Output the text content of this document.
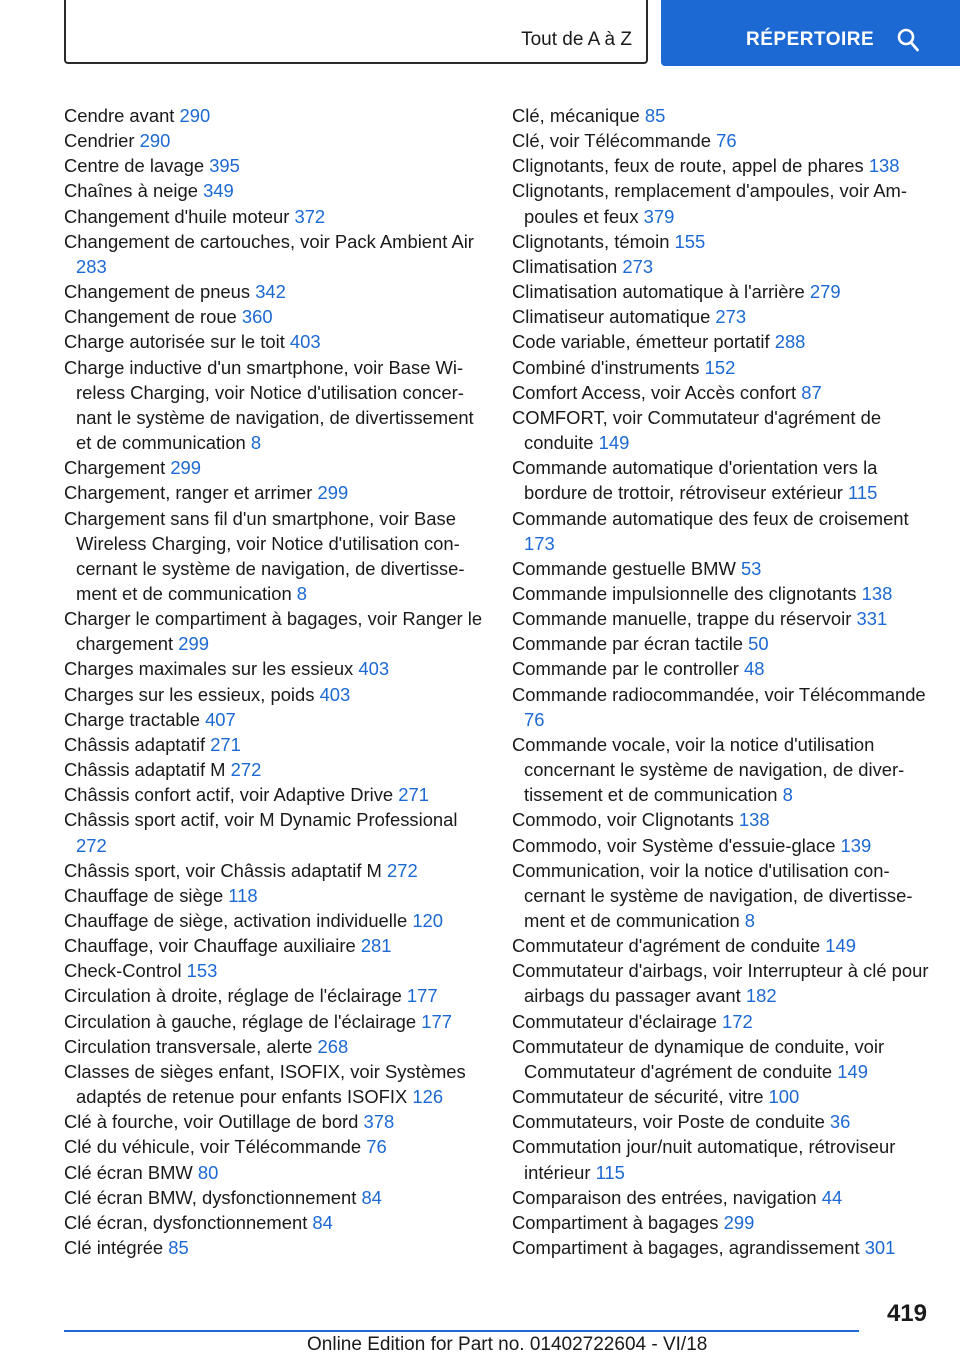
Tout de A à Z	RÉPERTOIRE
Cendre avant 290
Cendrier 290
Centre de lavage 395
Chaînes à neige 349
Changement d'huile moteur 372
Changement de cartouches, voir Pack Ambient Air 283
Changement de pneus 342
Changement de roue 360
Charge autorisée sur le toit 403
Charge inductive d'un smartphone, voir Base Wireless Charging, voir Notice d'utilisation concernant le système de navigation, de divertissement et de communication 8
Chargement 299
Chargement, ranger et arrimer 299
Chargement sans fil d'un smartphone, voir Base Wireless Charging, voir Notice d'utilisation concernant le système de navigation, de divertissement et de communication 8
Charger le compartiment à bagages, voir Ranger le chargement 299
Charges maximales sur les essieux 403
Charges sur les essieux, poids 403
Charge tractable 407
Châssis adaptatif 271
Châssis adaptatif M 272
Châssis confort actif, voir Adaptive Drive 271
Châssis sport actif, voir M Dynamic Professional 272
Châssis sport, voir Châssis adaptatif M 272
Chauffage de siège 118
Chauffage de siège, activation individuelle 120
Chauffage, voir Chauffage auxiliaire 281
Check-Control 153
Circulation à droite, réglage de l'éclairage 177
Circulation à gauche, réglage de l'éclairage 177
Circulation transversale, alerte 268
Classes de sièges enfant, ISOFIX, voir Systèmes adaptés de retenue pour enfants ISOFIX 126
Clé à fourche, voir Outillage de bord 378
Clé du véhicule, voir Télécommande 76
Clé écran BMW 80
Clé écran BMW, dysfonctionnement 84
Clé écran, dysfonctionnement 84
Clé intégrée 85
Clé, mécanique 85
Clé, voir Télécommande 76
Clignotants, feux de route, appel de phares 138
Clignotants, remplacement d'ampoules, voir Ampoules et feux 379
Clignotants, témoin 155
Climatisation 273
Climatisation automatique à l'arrière 279
Climatiseur automatique 273
Code variable, émetteur portatif 288
Combiné d'instruments 152
Comfort Access, voir Accès confort 87
COMFORT, voir Commutateur d'agrément de conduite 149
Commande automatique d'orientation vers la bordure de trottoir, rétroviseur extérieur 115
Commande automatique des feux de croisement 173
Commande gestuelle BMW 53
Commande impulsionnelle des clignotants 138
Commande manuelle, trappe du réservoir 331
Commande par écran tactile 50
Commande par le controller 48
Commande radiocommandée, voir Télécommande 76
Commande vocale, voir la notice d'utilisation concernant le système de navigation, de divertissement et de communication 8
Commodo, voir Clignotants 138
Commodo, voir Système d'essuie-glace 139
Communication, voir la notice d'utilisation concernant le système de navigation, de divertissement et de communication 8
Commutateur d'agrément de conduite 149
Commutateur d'airbags, voir Interrupteur à clé pour airbags du passager avant 182
Commutateur d'éclairage 172
Commutateur de dynamique de conduite, voir Commutateur d'agrément de conduite 149
Commutateur de sécurité, vitre 100
Commutateurs, voir Poste de conduite 36
Commutation jour/nuit automatique, rétroviseur intérieur 115
Comparaison des entrées, navigation 44
Compartiment à bagages 299
Compartiment à bagages, agrandissement 301
419
Online Edition for Part no. 01402722604 - VI/18
